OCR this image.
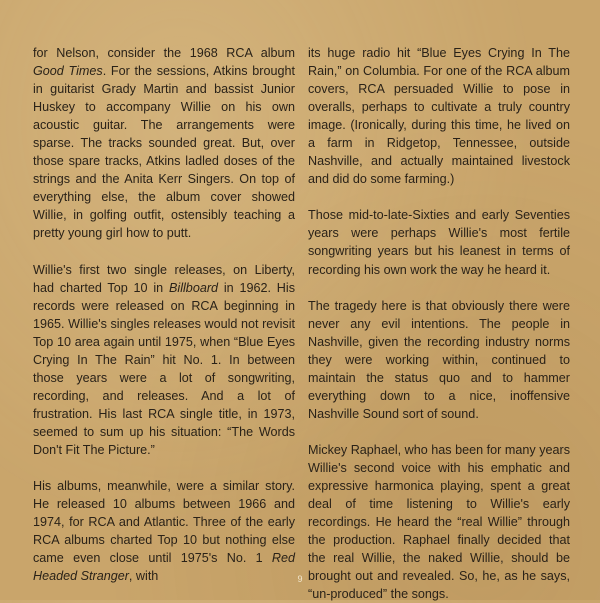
for Nelson, consider the 1968 RCA album Good Times. For the sessions, Atkins brought in guitarist Grady Martin and bassist Junior Huskey to accompany Willie on his own acoustic guitar. The arrangements were sparse. The tracks sounded great. But, over those spare tracks, Atkins ladled doses of the strings and the Anita Kerr Singers. On top of everything else, the album cover showed Willie, in golfing outfit, ostensibly teaching a pretty young girl how to putt.

Willie's first two single releases, on Liberty, had charted Top 10 in Billboard in 1962. His records were released on RCA beginning in 1965. Willie's singles releases would not revisit Top 10 area again until 1975, when “Blue Eyes Crying In The Rain” hit No. 1. In between those years were a lot of songwriting, recording, and releases. And a lot of frustration. His last RCA single title, in 1973, seemed to sum up his situation: “The Words Don't Fit The Picture.”

His albums, meanwhile, were a similar story. He released 10 albums between 1966 and 1974, for RCA and Atlantic. Three of the early RCA albums charted Top 10 but nothing else came even close until 1975's No. 1 Red Headed Stranger, with

its huge radio hit “Blue Eyes Crying In The Rain,” on Columbia. For one of the RCA album covers, RCA persuaded Willie to pose in overalls, perhaps to cultivate a truly country image. (Ironically, during this time, he lived on a farm in Ridgetop, Tennessee, outside Nashville, and actually maintained livestock and did do some farming.)

Those mid-to-late-Sixties and early Seventies years were perhaps Willie's most fertile songwriting years but his leanest in terms of recording his own work the way he heard it.

The tragedy here is that obviously there were never any evil intentions. The people in Nashville, given the recording industry norms they were working within, continued to maintain the status quo and to hammer everything down to a nice, inoffensive Nashville Sound sort of sound.

Mickey Raphael, who has been for many years Willie's second voice with his emphatic and expressive harmonica playing, spent a great deal of time listening to Willie's early recordings. He heard the “real Willie” through the production. Raphael finally decided that the real Willie, the naked Willie, should be brought out and revealed. So, he, as he says, “un-produced” the songs.

9
